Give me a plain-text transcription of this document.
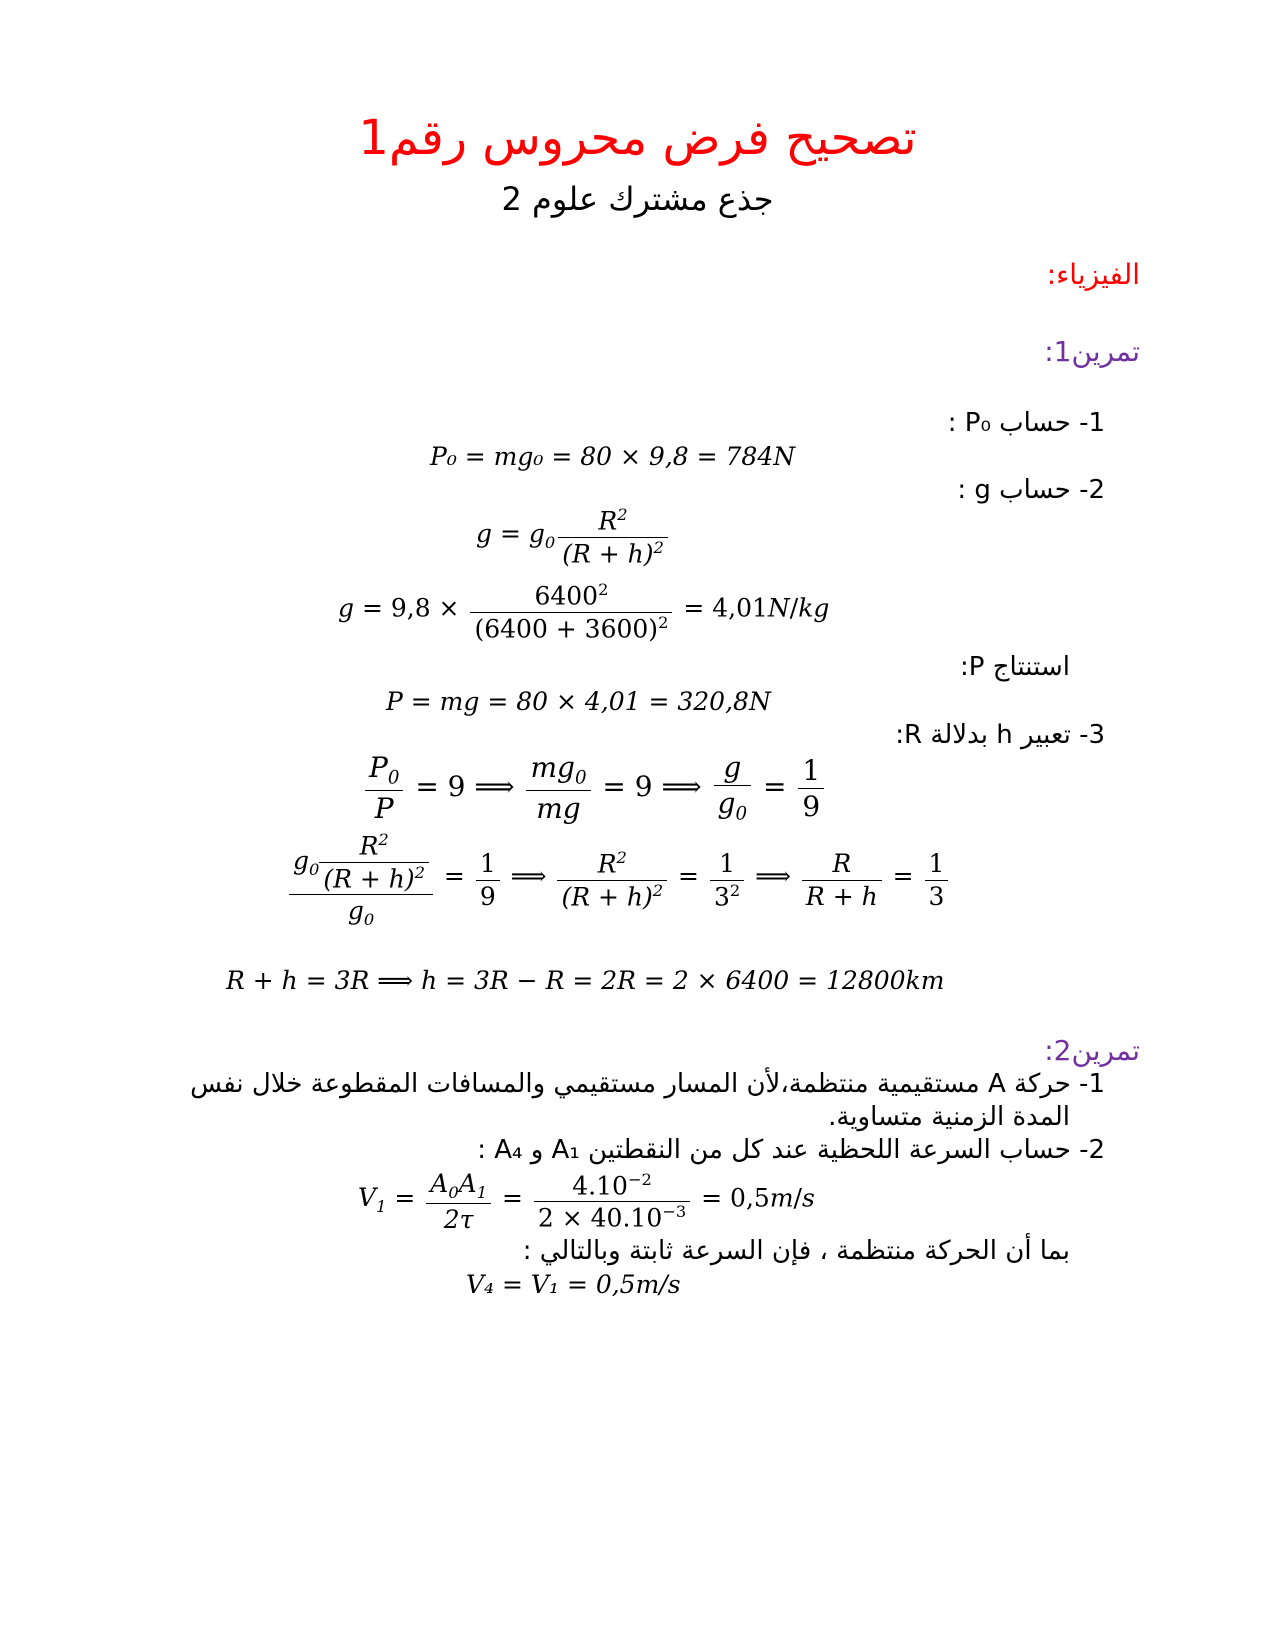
تصحيح فرض محروس رقم1
جذع مشترك علوم 2
الفيزياء:
تمرين1:
1- حساب P₀ :
P₀ = mg₀ = 80 × 9,8 = 784N
2- حساب g :
$g = g_0 \frac{R^2}{(R + h)^2}$
$g = 9,8 \times \frac{6400^2}{(6400 + 3600)^2} = 4,01N/kg$
استنتاج P:
P = mg = 80 × 4,01 = 320,8N
3- تعبير h بدلالة R:
$\frac{P_0}{P} = 9$ ⟹ $\frac{mg_0}{mg} = 9$ ⟹ $\frac{g}{g_0} = \frac{1}{9}$
$\frac{g_0 \frac{R^2}{(R + h)^2}}{g_0} = \frac{1}{9}$ ⟹ $\frac{R^2}{(R + h)^2} = \frac{1}{3^2}$ ⟹ $\frac{R}{R + h} = \frac{1}{3}$
R + h = 3R ⟹ h = 3R − R = 2R = 2 × 6400 = 12800km
تمرين2:
1- حركة A مستقيمية منتظمة،لأن المسار مستقيمي والمسافات المقطوعة خلال نفس
المدة الزمنية متساوية.
2- حساب السرعة اللحظية عند كل من النقطتين A₁ و A₄ :
$V_1 = \frac{A_0A_1}{2\tau} = \frac{4.10^{-2}}{2 \times 40.10^{-3}} = 0,5m/s$
بما أن الحركة منتظمة ، فإن السرعة ثابتة وبالتالي :
V₄ = V₁ = 0,5m/s
